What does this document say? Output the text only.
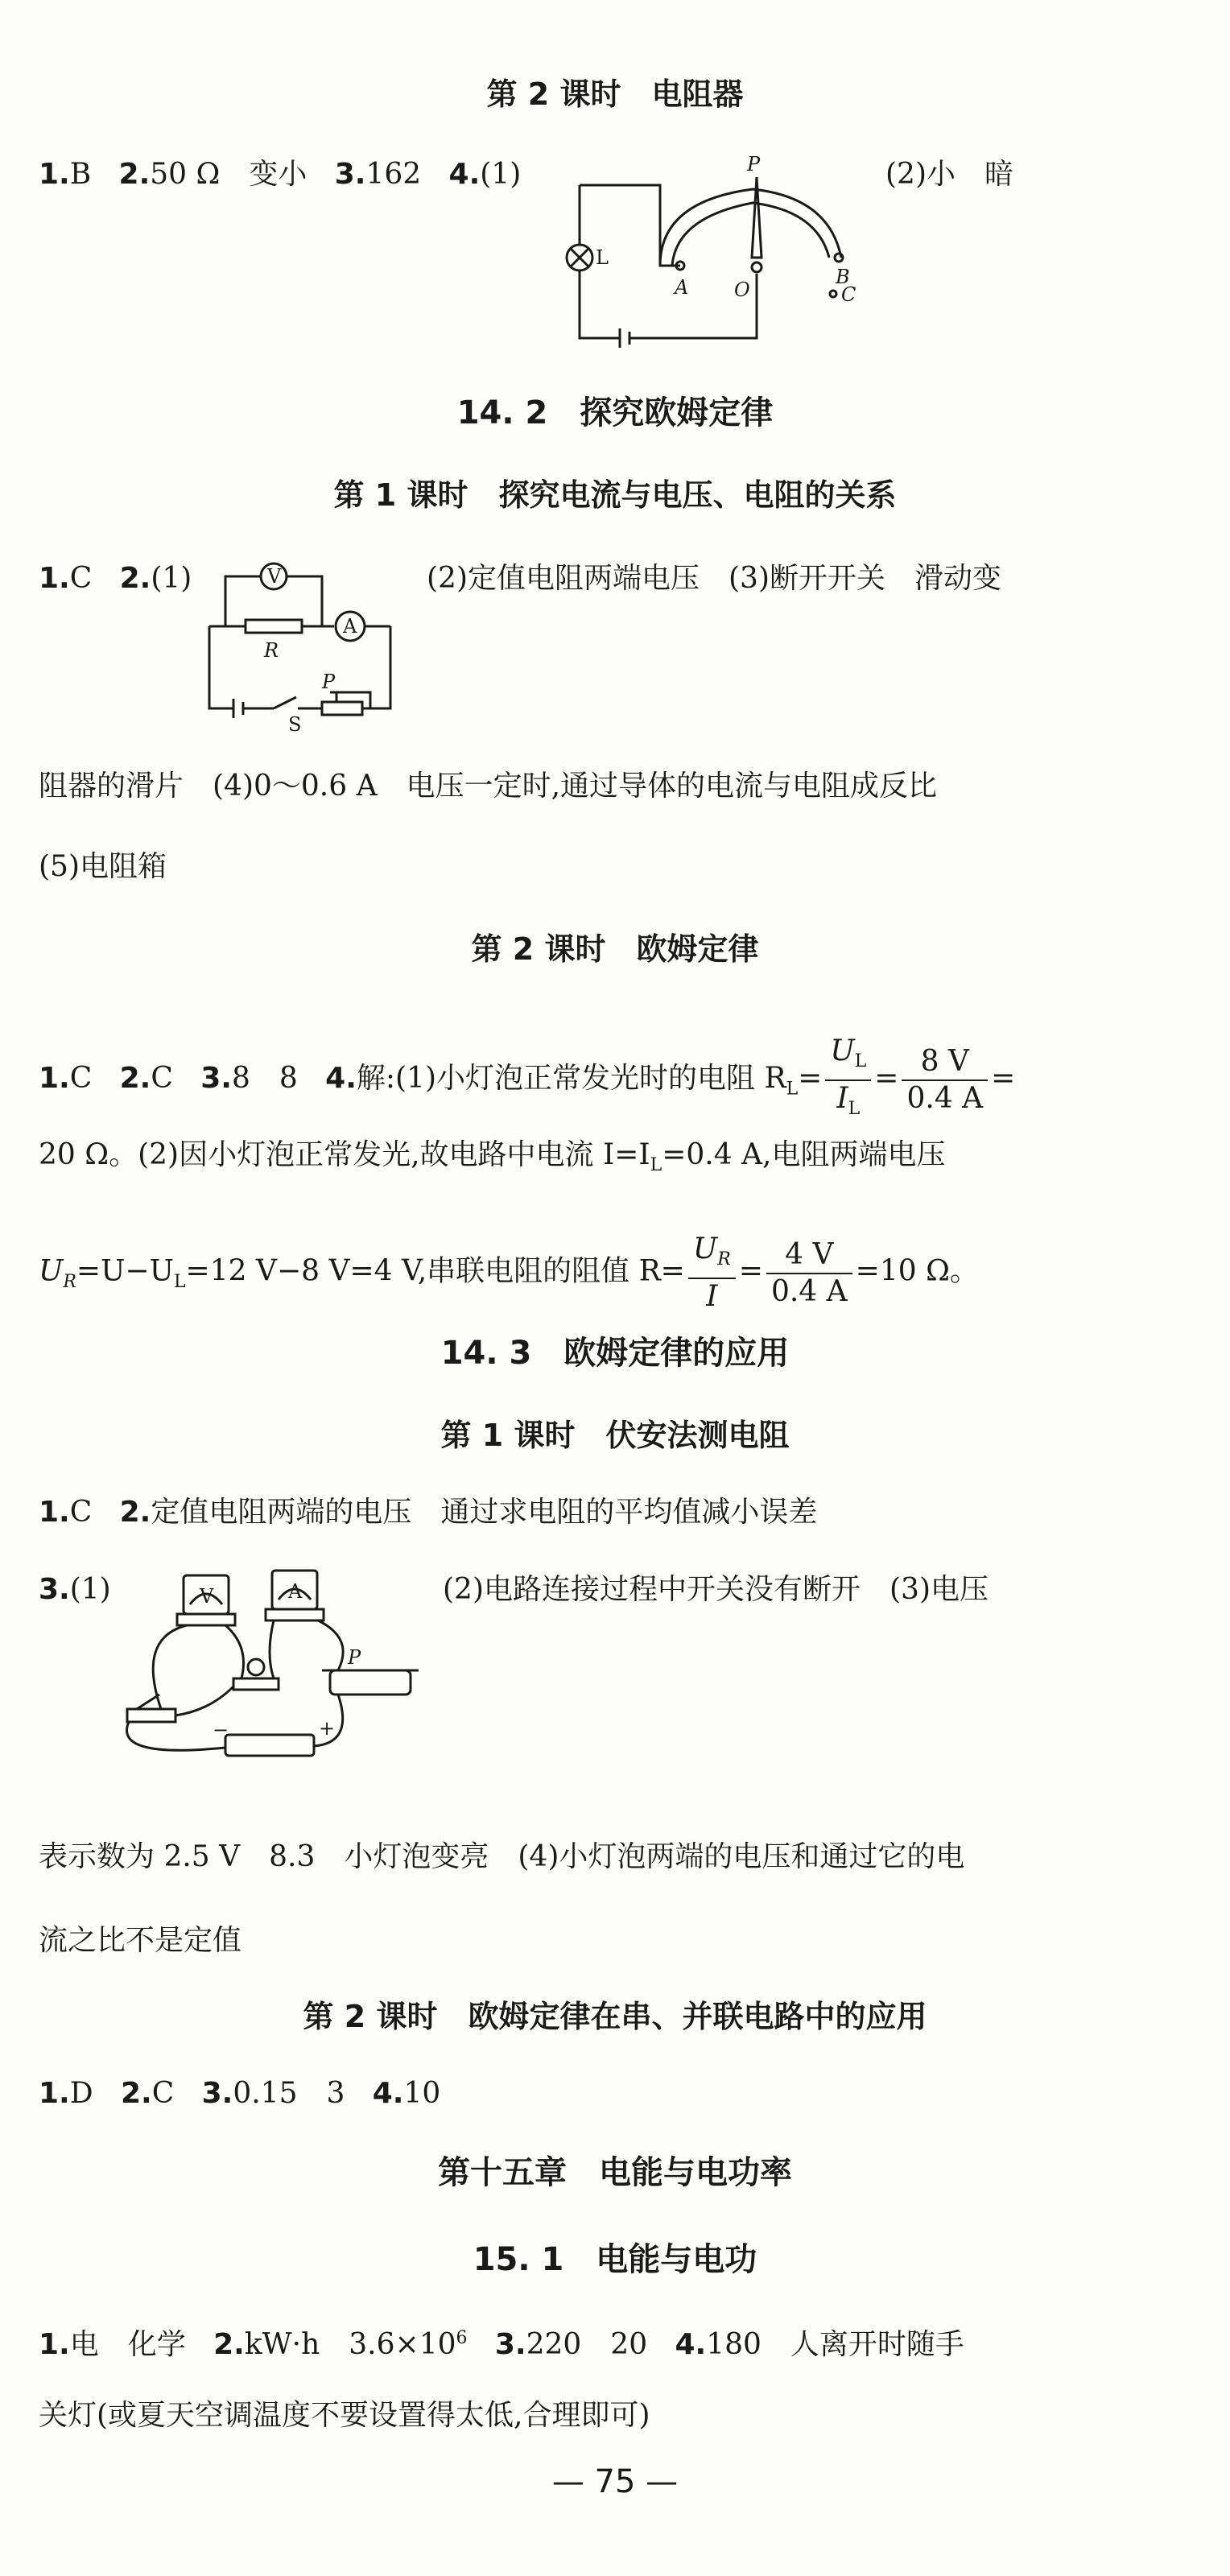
第 2 课时　电阻器
1.B 2.50 Ω　变小 3.162 4.(1)	(2)小　暗
P
L
A O
B
C
14. 2　探究欧姆定律
第 1 课时　探究电流与电压、电阻的关系
1.C 2.(1)	(2)定值电阻两端电压　(3)断开开关　滑动变
V
A
R
P
S
阻器的滑片　(4)0～0.6 A　电压一定时,通过导体的电流与电阻成反比
(5)电阻箱
第 2 课时　欧姆定律
1.C 2.C 3.8　8 4.解:(1)小灯泡正常发光时的电阻 $R_L= \frac{U_L}{I_L} = \frac{8 V}{0.4 A}$ =
20 Ω。(2)因小灯泡正常发光,故电路中电流 $I=I_L=0.4$ A,电阻两端电压
$U_R=U-U_L=12$ V−8 V=4 V,串联电阻的阻值 $R= \frac{U_R}{I} = \frac{4 V}{0.4 A} =10$ Ω。
14. 3　欧姆定律的应用
第 1 课时　伏安法测电阻
1.C 2.定值电阻两端的电压　通过求电阻的平均值减小误差
3.(1)	(2)电路连接过程中开关没有断开　(3)电压
V	A
P
−	+
表示数为 2.5 V　8.3　小灯泡变亮　(4)小灯泡两端的电压和通过它的电
流之比不是定值
第 2 课时　欧姆定律在串、并联电路中的应用
1.D 2.C 3.0.15　3 4.10
第十五章　电能与电功率
15. 1　电能与电功
1.电　化学 2.kW·h　$3.6\times 10^6$ 3.220　20 4.180　人离开时随手
关灯(或夏天空调温度不要设置得太低,合理即可)
— 75 —
